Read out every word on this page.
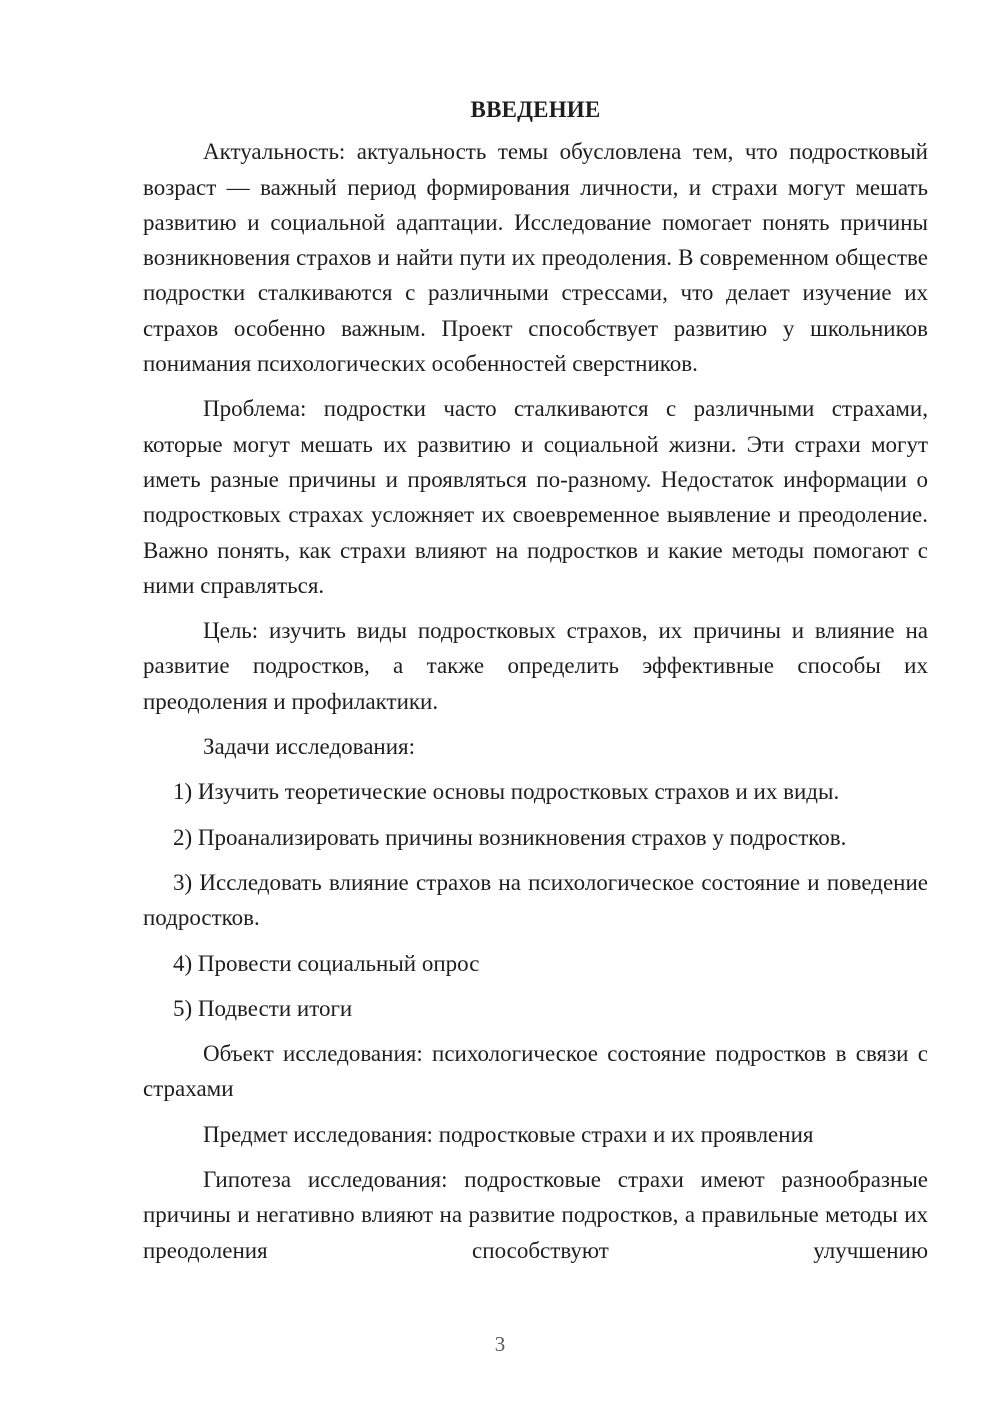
ВВЕДЕНИЕ

Актуальность: актуальность темы обусловлена тем, что подростковый возраст — важный период формирования личности, и страхи могут мешать развитию и социальной адаптации. Исследование помогает понять причины возникновения страхов и найти пути их преодоления. В современном обществе подростки сталкиваются с различными стрессами, что делает изучение их страхов особенно важным. Проект способствует развитию у школьников понимания психологических особенностей сверстников.

Проблема: подростки часто сталкиваются с различными страхами, которые могут мешать их развитию и социальной жизни. Эти страхи могут иметь разные причины и проявляться по-разному. Недостаток информации о подростковых страхах усложняет их своевременное выявление и преодоление. Важно понять, как страхи влияют на подростков и какие методы помогают с ними справляться.

Цель: изучить виды подростковых страхов, их причины и влияние на развитие подростков, а также определить эффективные способы их преодоления и профилактики.

Задачи исследования:

1) Изучить теоретические основы подростковых страхов и их виды.

2) Проанализировать причины возникновения страхов у подростков.

3) Исследовать влияние страхов на психологическое состояние и поведение подростков.

4) Провести социальный опрос

5) Подвести итоги

Объект исследования: психологическое состояние подростков в связи с страхами

Предмет исследования: подростковые страхи и их проявления

Гипотеза исследования: подростковые страхи имеют разнообразные причины и негативно влияют на развитие подростков, а правильные методы их преодоления способствуют улучшению

3
